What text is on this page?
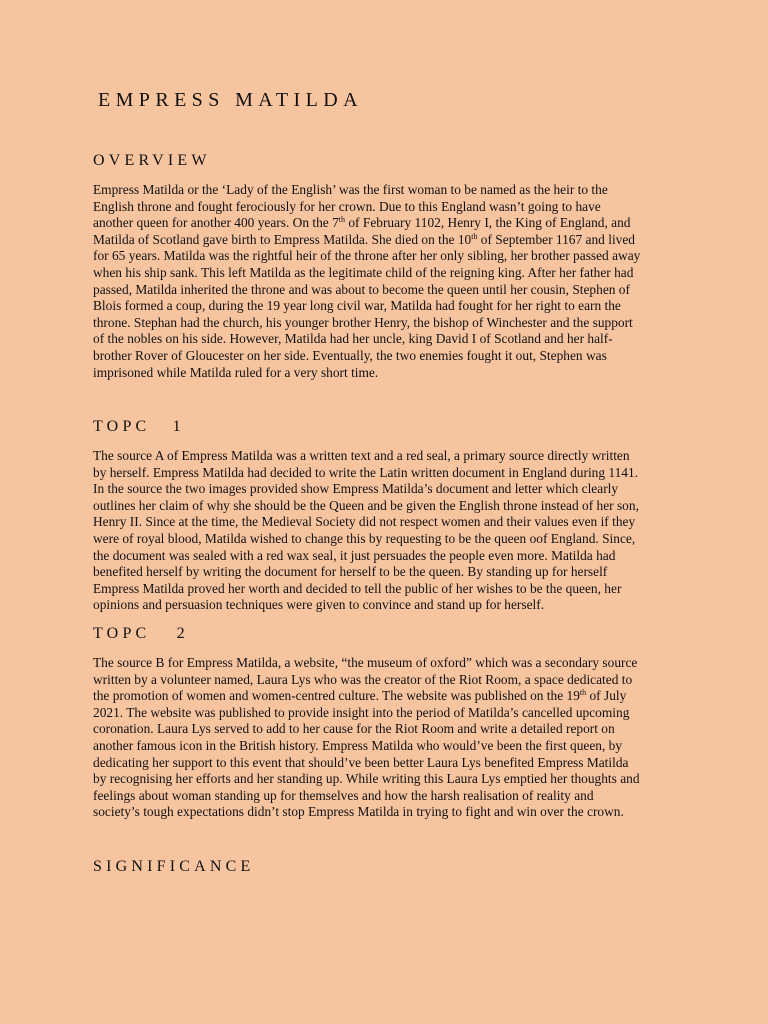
EMPRESS MATILDA
OVERVIEW
Empress Matilda or the ‘Lady of the English’ was the first woman to be named as the heir to the
English throne and fought ferociously for her crown. Due to this England wasn’t going to have
another queen for another 400 years. On the 7th of February 1102, Henry I, the King of England, and
Matilda of Scotland gave birth to Empress Matilda. She died on the 10th of September 1167 and lived
for 65 years. Matilda was the rightful heir of the throne after her only sibling, her brother passed away
when his ship sank. This left Matilda as the legitimate child of the reigning king. After her father had
passed, Matilda inherited the throne and was about to become the queen until her cousin, Stephen of
Blois formed a coup, during the 19 year long civil war, Matilda had fought for her right to earn the
throne. Stephan had the church, his younger brother Henry, the bishop of Winchester and the support
of the nobles on his side. However, Matilda had her uncle, king David I of Scotland and her half-
brother Rover of Gloucester on her side. Eventually, the two enemies fought it out, Stephen was
imprisoned while Matilda ruled for a very short time.
TOPC 1
The source A of Empress Matilda was a written text and a red seal, a primary source directly written
by herself. Empress Matilda had decided to write the Latin written document in England during 1141.
In the source the two images provided show Empress Matilda’s document and letter which clearly
outlines her claim of why she should be the Queen and be given the English throne instead of her son,
Henry II. Since at the time, the Medieval Society did not respect women and their values even if they
were of royal blood, Matilda wished to change this by requesting to be the queen oof England. Since,
the document was sealed with a red wax seal, it just persuades the people even more. Matilda had
benefited herself by writing the document for herself to be the queen. By standing up for herself
Empress Matilda proved her worth and decided to tell the public of her wishes to be the queen, her
opinions and persuasion techniques were given to convince and stand up for herself.
TOPC 2
The source B for Empress Matilda, a website, “the museum of oxford” which was a secondary source
written by a volunteer named, Laura Lys who was the creator of the Riot Room, a space dedicated to
the promotion of women and women-centred culture. The website was published on the 19th of July
2021. The website was published to provide insight into the period of Matilda’s cancelled upcoming
coronation. Laura Lys served to add to her cause for the Riot Room and write a detailed report on
another famous icon in the British history. Empress Matilda who would’ve been the first queen, by
dedicating her support to this event that should’ve been better Laura Lys benefited Empress Matilda
by recognising her efforts and her standing up. While writing this Laura Lys emptied her thoughts and
feelings about woman standing up for themselves and how the harsh realisation of reality and
society’s tough expectations didn’t stop Empress Matilda in trying to fight and win over the crown.
SIGNIFICANCE
